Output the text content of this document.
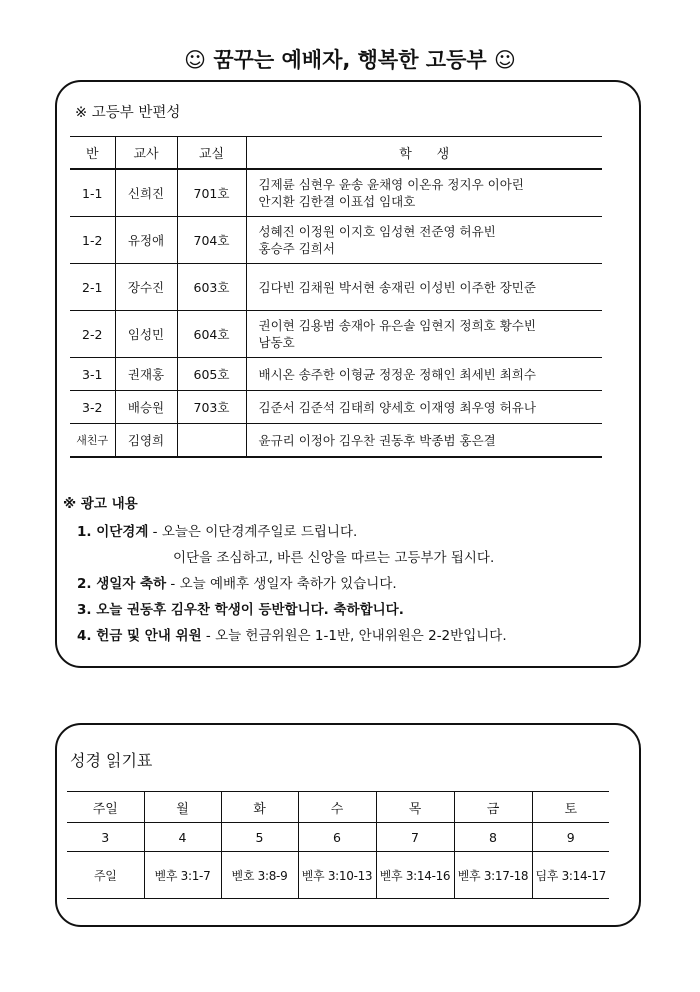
☺ 꿈꾸는 예배자, 행복한 고등부 ☺
※ 고등부 반편성
반	교사	교실	학      생
1-1	신희진	701호	김제륜 심현우 윤송 윤채영 이온유 정지우 이아린
안지환 김한결 이표섭 임대호

1-2	유정애	704호	성혜진 이정원 이지호 임성현 전준영 허유빈
홍승주 김희서

2-1	장수진	603호	김다빈 김채원 박서현 송재린 이성빈 이주한 장민준

2-2	임성민	604호	권이현 김용범 송재아 유은솔 임현지 정희호 황수빈
남동호

3-1	권재홍	605호	배시온 송주한 이형균 정정운 정해인 최세빈 최희수

3-2	배승원	703호	김준서 김준석 김태희 양세호 이재영 최우영 허유나

새친구	김영희		윤규리 이정아 김우찬 권동후 박종범 홍은결
※ 광고 내용
1. 이단경계 - 오늘은 이단경계주일로 드립니다.
이단을 조심하고, 바른 신앙을 따르는 고등부가 됩시다.
2. 생일자 축하 - 오늘 예배후 생일자 축하가 있습니다.
3. 오늘 권동후 김우찬 학생이 등반합니다. 축하합니다.
4. 헌금 및 안내 위원 - 오늘 헌금위원은 1-1반, 안내위원은 2-2반입니다.
성경 읽기표
주일	월	화	수	목	금	토
3	4	5	6	7	8	9
주일	벧후 3:1-7	벧호 3:8-9	벧후 3:10-13	벧후 3:14-16	벧후 3:17-18	딤후 3:14-17
